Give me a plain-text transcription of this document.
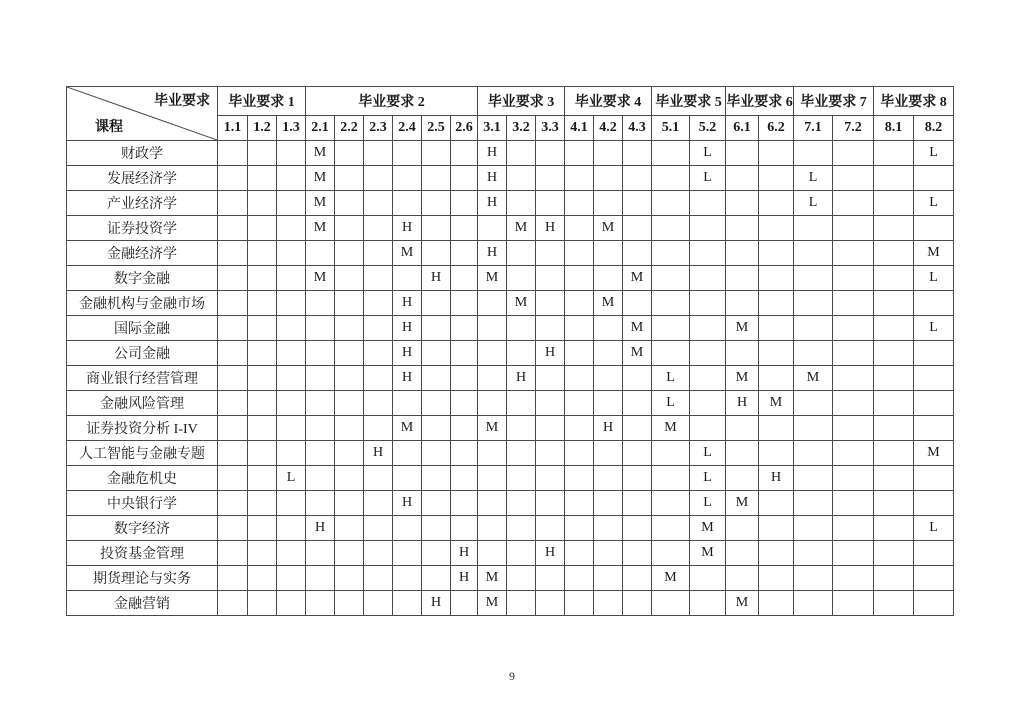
毕业要求
课程	毕业要求 1			毕业要求 2						毕业要求 3			毕业要求 4			毕业要求 5		毕业要求 6		毕业要求 7		毕业要求 8	
	1.1	1.2	1.3	2.1	2.2	2.3	2.4	2.5	2.6	3.1	3.2	3.3	4.1	4.2	4.3	5.1	5.2	6.1	6.2	7.1	7.2	8.1	8.2
财政学				M						H							L						L
发展经济学				M						H							L			L			
产业经济学				M						H										L			L
证券投资学				M			H				M	H		M									
金融经济学							M			H													M
数字金融				M				H		M					M								L
金融机构与金融市场							H				M			M									
国际金融							H								M			M					L
公司金融							H					H			M								
商业银行经营管理							H				H					L		M		M			
金融风险管理																L		H	M				
证券投资分析 I-IV							M			M				H		M							
人工智能与金融专题						H											L						M
金融危机史			L														L		H				
中央银行学							H										L	M					
数字经济				H													M						L
投资基金管理									H			H					M						
期货理论与实务									H	M						M							
金融营销								H		M								M					
9
